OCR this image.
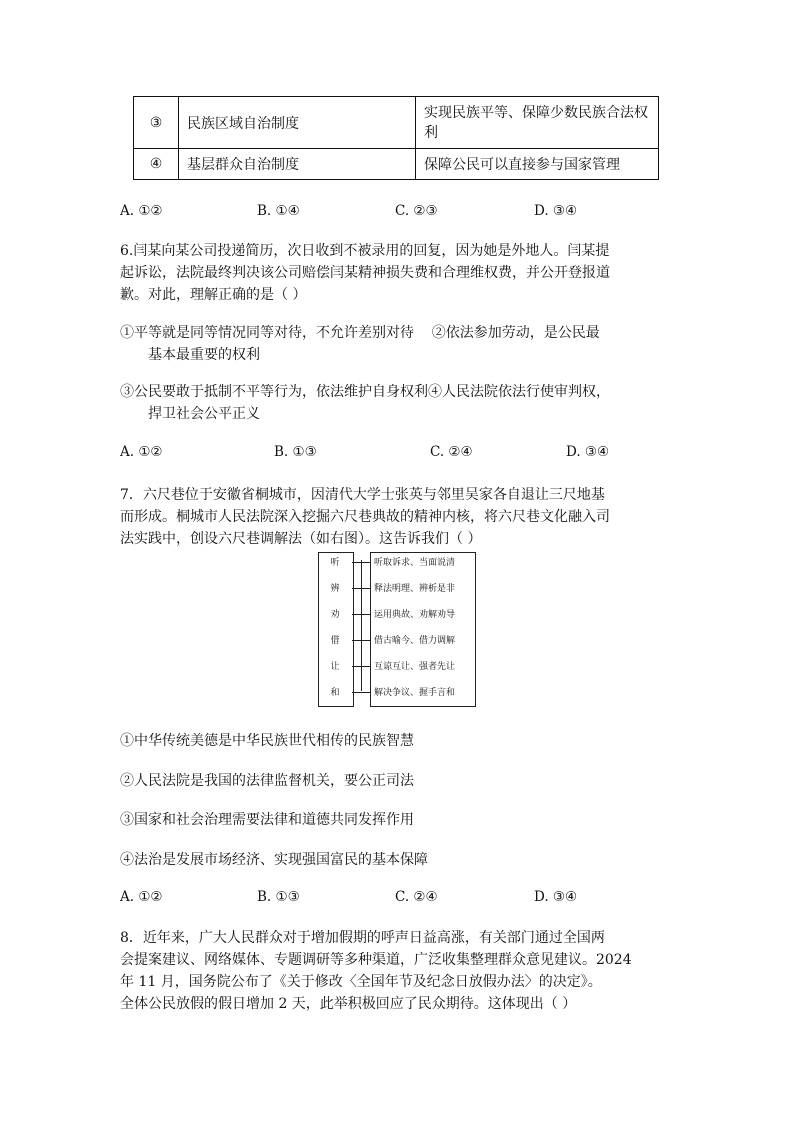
③	民族区域自治制度	实现民族平等、保障少数民族合法权利
④	基层群众自治制度	保障公民可以直接参与国家管理
A. ①②	B. ①④	C. ②③	D. ③④
6.闫某向某公司投递简历，次日收到不被录用的回复，因为她是外地人。闫某提
起诉讼，法院最终判决该公司赔偿闫某精神损失费和合理维权费，并公开登报道
歉。对此，理解正确的是（ ）
①平等就是同等情况同等对待，不允许差别对待    ②依法参加劳动，是公民最
基本最重要的权利
③公民要敢于抵制不平等行为，依法维护自身权利④人民法院依法行使审判权，
捍卫社会公平正义
A. ①②	B. ①③	C. ②④	D. ③④
7．六尺巷位于安徽省桐城市，因清代大学士张英与邻里吴家各自退让三尺地基
而形成。桐城市人民法院深入挖掘六尺巷典故的精神内核，将六尺巷文化融入司
法实践中，创设六尺巷调解法（如右图）。这告诉我们（ ）
听
辨
劝
借
让
和
听取诉求、当面说清
释法明理、辨析是非
运用典故、劝解劝导
借古喻今、借力调解
互谅互让、强者先让
解决争议、握手言和
①中华传统美德是中华民族世代相传的民族智慧
②人民法院是我国的法律监督机关，要公正司法
③国家和社会治理需要法律和道德共同发挥作用
④法治是发展市场经济、实现强国富民的基本保障
A. ①②	B. ①③	C. ②④	D. ③④
8．近年来，广大人民群众对于增加假期的呼声日益高涨，有关部门通过全国两
会提案建议、网络媒体、专题调研等多种渠道，广泛收集整理群众意见建议。2024
年 11 月，国务院公布了《关于修改〈全国年节及纪念日放假办法〉的决定》。
全体公民放假的假日增加 2 天，此举积极回应了民众期待。这体现出（ ）
